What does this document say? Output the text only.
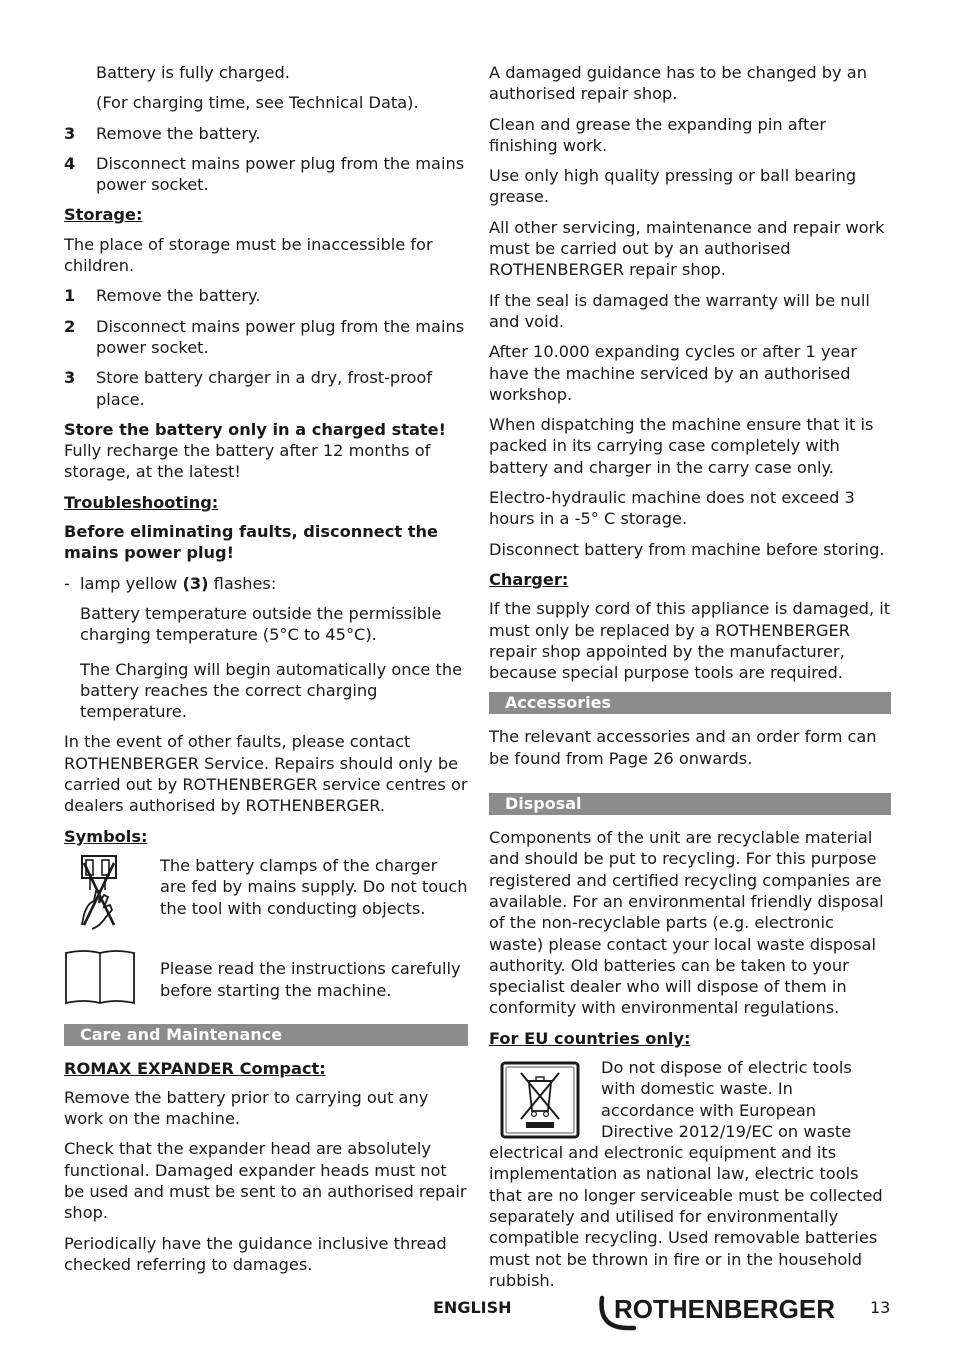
Battery is fully charged.
(For charging time, see Technical Data).
3	Remove the battery.
4	Disconnect mains power plug from the mains power socket.
Storage:
The place of storage must be inaccessible for children.
1	Remove the battery.
2	Disconnect mains power plug from the mains power socket.
3	Store battery charger in a dry, frost-proof place.
Store the battery only in a charged state! Fully recharge the battery after 12 months of storage, at the latest!
Troubleshooting:
Before eliminating faults, disconnect the mains power plug!
- lamp yellow (3) flashes:
Battery temperature outside the permissible charging temperature (5°C to 45°C).
The Charging will begin automatically once the battery reaches the correct charging temperature.
In the event of other faults, please contact ROTHENBERGER Service. Repairs should only be carried out by ROTHENBERGER service centres or dealers authorised by ROTHENBERGER.
Symbols:
The battery clamps of the charger are fed by mains supply. Do not touch the tool with conducting objects.
Please read the instructions carefully before starting the machine.
Care and Maintenance
ROMAX EXPANDER Compact:
Remove the battery prior to carrying out any work on the machine.
Check that the expander head are absolutely functional. Damaged expander heads must not be used and must be sent to an authorised repair shop.
Periodically have the guidance inclusive thread checked referring to damages.
A damaged guidance has to be changed by an authorised repair shop.
Clean and grease the expanding pin after finishing work.
Use only high quality pressing or ball bearing grease.
All other servicing, maintenance and repair work must be carried out by an authorised ROTHENBERGER repair shop.
If the seal is damaged the warranty will be null and void.
After 10.000 expanding cycles or after 1 year have the machine serviced by an authorised workshop.
When dispatching the machine ensure that it is packed in its carrying case completely with battery and charger in the carry case only.
Electro-hydraulic machine does not exceed 3 hours in a -5° C storage.
Disconnect battery from machine before storing.
Charger:
If the supply cord of this appliance is damaged, it must only be replaced by a ROTHENBERGER repair shop appointed by the manufacturer, because special purpose tools are required.
Accessories
The relevant accessories and an order form can be found from Page 26 onwards.
Disposal
Components of the unit are recyclable material and should be put to recycling. For this purpose registered and certified recycling companies are available. For an environmental friendly disposal of the non-recyclable parts (e.g. electronic waste) please contact your local waste disposal authority. Old batteries can be taken to your specialist dealer who will dispose of them in conformity with environmental regulations.
For EU countries only:
Do not dispose of electric tools with domestic waste. In accordance with European Directive 2012/19/EC on waste electrical and electronic equipment and its implementation as national law, electric tools that are no longer serviceable must be collected separately and utilised for environmentally compatible recycling. Used removable batteries must not be thrown in fire or in the household rubbish.
ENGLISH	ROTHENBERGER 13
